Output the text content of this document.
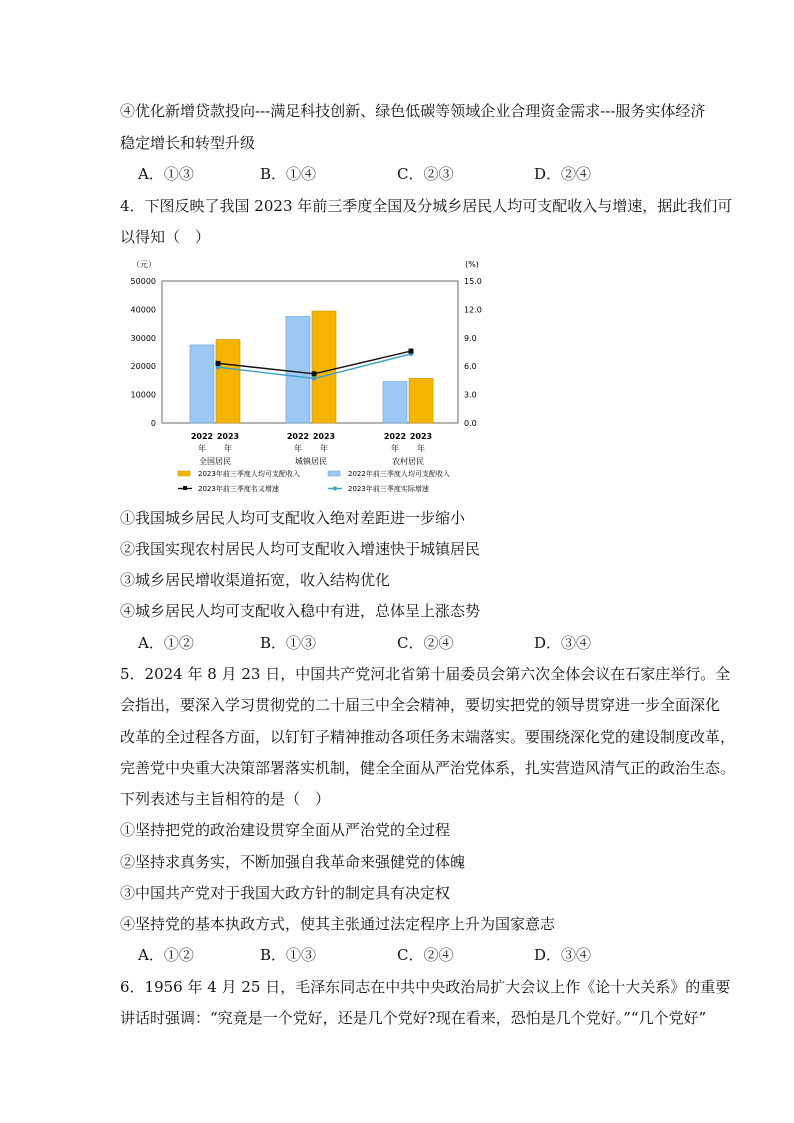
④优化新增贷款投向---满足科技创新、绿色低碳等领域企业合理资金需求---服务实体经济
稳定增长和转型升级
A．①③	B．①④	C．②③	D．②④
4．下图反映了我国 2023 年前三季度全国及分城乡居民人均可支配收入与增速，据此我们可
以得知（　）
（元）	(%)
50000
40000
30000
20000
10000
0
15.0
12.0
9.0
6.0
3.0
0.0
2022 2023
年 年
全国居民
2022 2023
年 年
城镇居民
2022 2023
年 年
农村居民
2023年前三季度人均可支配收入	2022年前三季度人均可支配收入
2023年前三季度名义增速	2023年前三季度实际增速
①我国城乡居民人均可支配收入绝对差距进一步缩小
②我国实现农村居民人均可支配收入增速快于城镇居民
③城乡居民增收渠道拓宽，收入结构优化
④城乡居民人均可支配收入稳中有进，总体呈上涨态势
A．①②	B．①③	C．②④	D．③④
5．2024 年 8 月 23 日，中国共产党河北省第十届委员会第六次全体会议在石家庄举行。全
会指出，要深入学习贯彻党的二十届三中全会精神，要切实把党的领导贯穿进一步全面深化
改革的全过程各方面，以钉钉子精神推动各项任务末端落实。要围绕深化党的建设制度改革，
完善党中央重大决策部署落实机制，健全全面从严治党体系，扎实营造风清气正的政治生态。
下列表述与主旨相符的是（　）
①坚持把党的政治建设贯穿全面从严治党的全过程
②坚持求真务实，不断加强自我革命来强健党的体魄
③中国共产党对于我国大政方针的制定具有决定权
④坚持党的基本执政方式，使其主张通过法定程序上升为国家意志
A．①②	B．①③	C．②④	D．③④
6．1956 年 4 月 25 日，毛泽东同志在中共中央政治局扩大会议上作《论十大关系》的重要
讲话时强调：“究竟是一个党好，还是几个党好?现在看来，恐怕是几个党好。”“几个党好”
